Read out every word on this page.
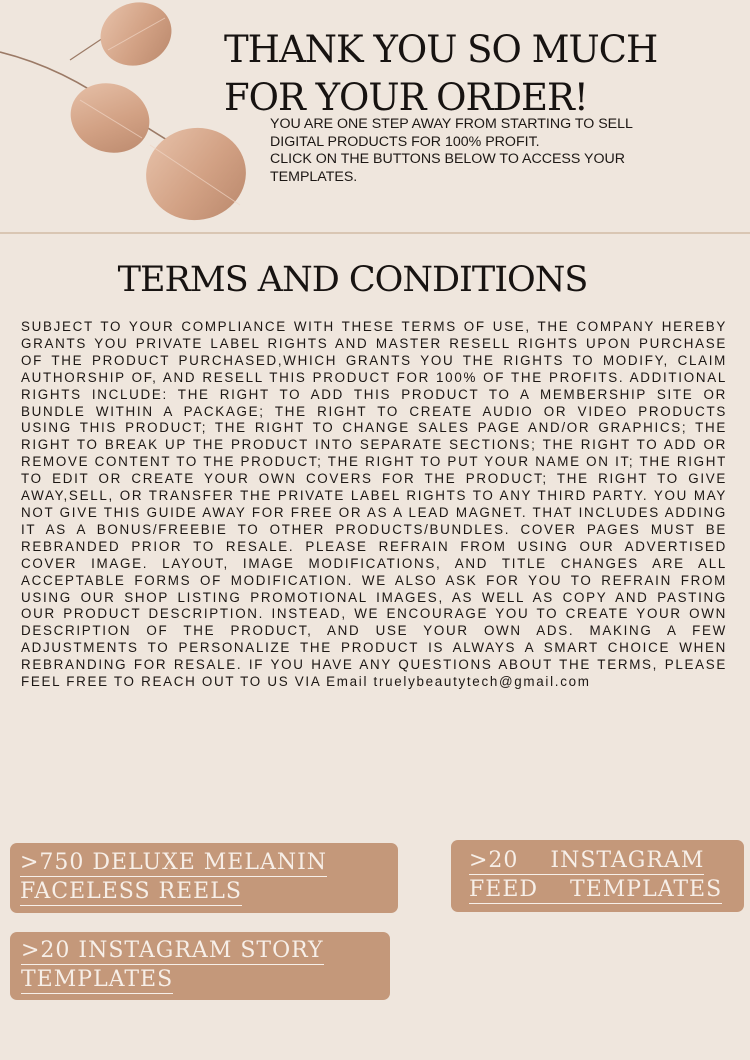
THANK YOU SO MUCH FOR YOUR ORDER!

YOU ARE ONE STEP AWAY FROM STARTING TO SELL
DIGITAL PRODUCTS FOR 100% PROFIT.
CLICK ON THE BUTTONS BELOW TO ACCESS YOUR
TEMPLATES.

TERMS AND CONDITIONS

SUBJECT TO YOUR COMPLIANCE WITH THESE TERMS OF USE, THE COMPANY HEREBY GRANTS YOU PRIVATE LABEL RIGHTS AND MASTER RESELL RIGHTS UPON PURCHASE OF THE PRODUCT PURCHASED,WHICH GRANTS YOU THE RIGHTS TO MODIFY, CLAIM AUTHORSHIP OF, AND RESELL THIS PRODUCT FOR 100% OF THE PROFITS. ADDITIONAL RIGHTS INCLUDE: THE RIGHT TO ADD THIS PRODUCT TO A MEMBERSHIP SITE OR BUNDLE WITHIN A PACKAGE; THE RIGHT TO CREATE AUDIO OR VIDEO PRODUCTS USING THIS PRODUCT; THE RIGHT TO CHANGE SALES PAGE AND/OR GRAPHICS; THE RIGHT TO BREAK UP THE PRODUCT INTO SEPARATE SECTIONS; THE RIGHT TO ADD OR REMOVE CONTENT TO THE PRODUCT; THE RIGHT TO PUT YOUR NAME ON IT; THE RIGHT TO EDIT OR CREATE YOUR OWN COVERS FOR THE PRODUCT; THE RIGHT TO GIVE AWAY,SELL, OR TRANSFER THE PRIVATE LABEL RIGHTS TO ANY THIRD PARTY. YOU MAY NOT GIVE THIS GUIDE AWAY FOR FREE OR AS A LEAD MAGNET. THAT INCLUDES ADDING IT AS A BONUS/FREEBIE TO OTHER PRODUCTS/BUNDLES. COVER PAGES MUST BE REBRANDED PRIOR TO RESALE. PLEASE REFRAIN FROM USING OUR ADVERTISED COVER IMAGE. LAYOUT, IMAGE MODIFICATIONS, AND TITLE CHANGES ARE ALL ACCEPTABLE FORMS OF MODIFICATION. WE ALSO ASK FOR YOU TO REFRAIN FROM USING OUR SHOP LISTING PROMOTIONAL IMAGES, AS WELL AS COPY AND PASTING OUR PRODUCT DESCRIPTION. INSTEAD, WE ENCOURAGE YOU TO CREATE YOUR OWN DESCRIPTION OF THE PRODUCT, AND USE YOUR OWN ADS. MAKING A FEW ADJUSTMENTS TO PERSONALIZE THE PRODUCT IS ALWAYS A SMART CHOICE WHEN REBRANDING FOR RESALE. IF YOU HAVE ANY QUESTIONS ABOUT THE TERMS, PLEASE FEEL FREE TO REACH OUT TO US VIA Email truelybeautytech@gmail.com

>750 DELUXE MELANIN FACELESS REELS
>20 INSTAGRAM FEED TEMPLATES
>20 INSTAGRAM STORY TEMPLATES
